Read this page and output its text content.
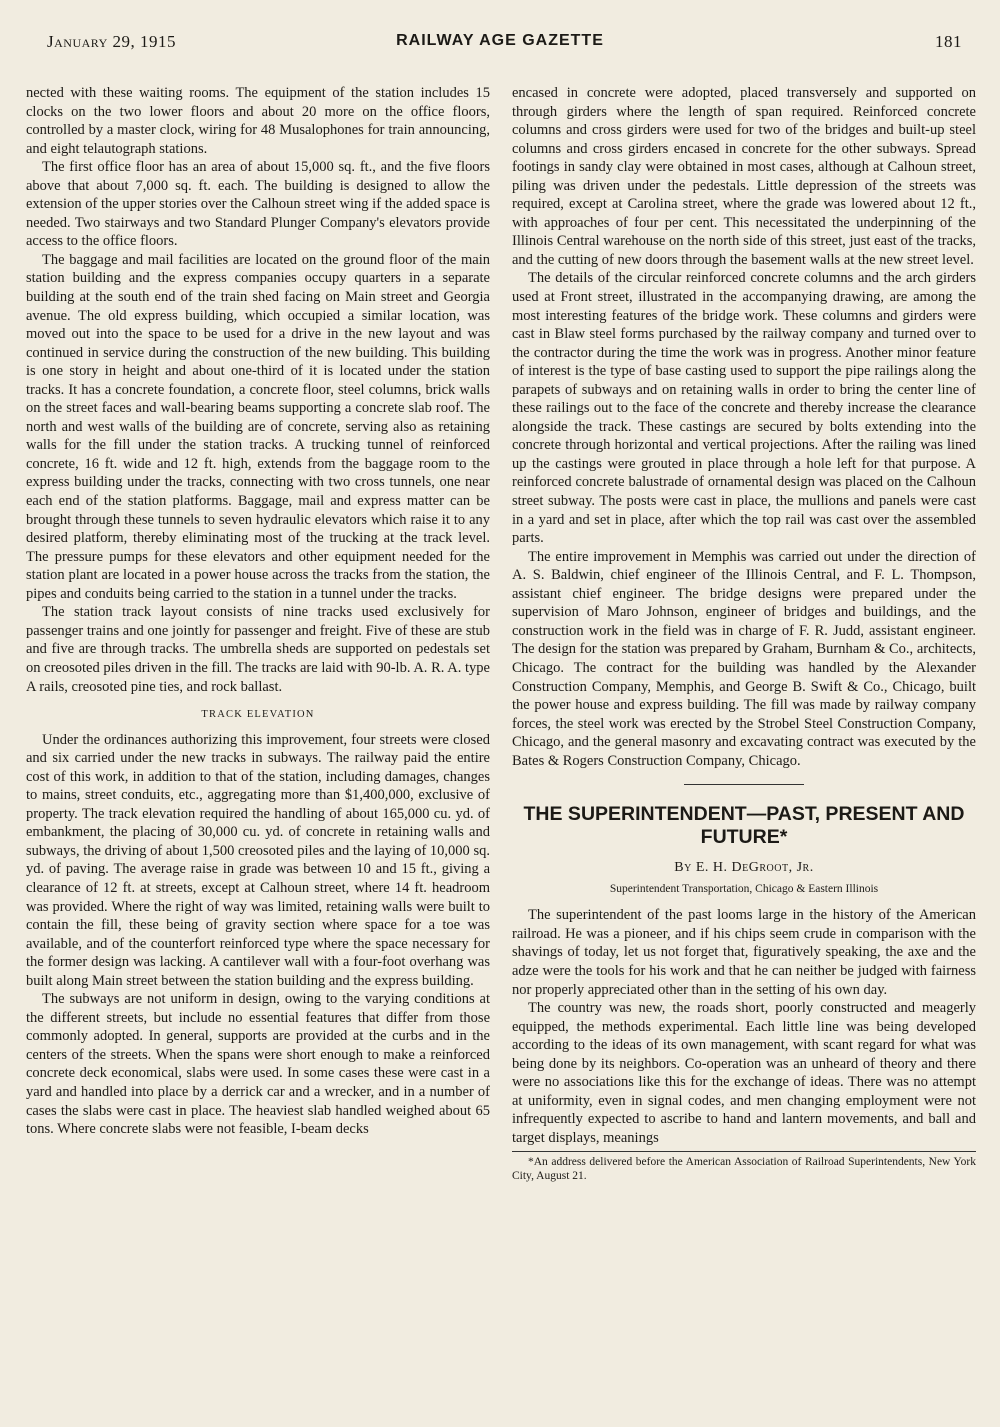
January 29, 1915	RAILWAY AGE GAZETTE	181

nected with these waiting rooms. The equipment of the station includes 15 clocks on the two lower floors and about 20 more on the office floors, controlled by a master clock, wiring for 48 Musalophones for train announcing, and eight telautograph stations.

The first office floor has an area of about 15,000 sq. ft., and the five floors above that about 7,000 sq. ft. each. The building is designed to allow the extension of the upper stories over the Calhoun street wing if the added space is needed. Two stairways and two Standard Plunger Company's elevators provide access to the office floors.

The baggage and mail facilities are located on the ground floor of the main station building and the express companies occupy quarters in a separate building at the south end of the train shed facing on Main street and Georgia avenue. The old express building, which occupied a similar location, was moved out into the space to be used for a drive in the new layout and was continued in service during the construction of the new building. This building is one story in height and about one-third of it is located under the station tracks. It has a concrete foundation, a concrete floor, steel columns, brick walls on the street faces and wall-bearing beams supporting a concrete slab roof. The north and west walls of the building are of concrete, serving also as retaining walls for the fill under the station tracks. A trucking tunnel of reinforced concrete, 16 ft. wide and 12 ft. high, extends from the baggage room to the express building under the tracks, connecting with two cross tunnels, one near each end of the station platforms. Baggage, mail and express matter can be brought through these tunnels to seven hydraulic elevators which raise it to any desired platform, thereby eliminating most of the trucking at the track level. The pressure pumps for these elevators and other equipment needed for the station plant are located in a power house across the tracks from the station, the pipes and conduits being carried to the station in a tunnel under the tracks.

The station track layout consists of nine tracks used exclusively for passenger trains and one jointly for passenger and freight. Five of these are stub and five are through tracks. The umbrella sheds are supported on pedestals set on creosoted piles driven in the fill. The tracks are laid with 90-lb. A. R. A. type A rails, creosoted pine ties, and rock ballast.

TRACK ELEVATION

Under the ordinances authorizing this improvement, four streets were closed and six carried under the new tracks in subways. The railway paid the entire cost of this work, in addition to that of the station, including damages, changes to mains, street conduits, etc., aggregating more than $1,400,000, exclusive of property. The track elevation required the handling of about 165,000 cu. yd. of embankment, the placing of 30,000 cu. yd. of concrete in retaining walls and subways, the driving of about 1,500 creosoted piles and the laying of 10,000 sq. yd. of paving. The average raise in grade was between 10 and 15 ft., giving a clearance of 12 ft. at streets, except at Calhoun street, where 14 ft. headroom was provided. Where the right of way was limited, retaining walls were built to contain the fill, these being of gravity section where space for a toe was available, and of the counterfort reinforced type where the space necessary for the former design was lacking. A cantilever wall with a four-foot overhang was built along Main street between the station building and the express building.

The subways are not uniform in design, owing to the varying conditions at the different streets, but include no essential features that differ from those commonly adopted. In general, supports are provided at the curbs and in the centers of the streets. When the spans were short enough to make a reinforced concrete deck economical, slabs were used. In some cases these were cast in a yard and handled into place by a derrick car and a wrecker, and in a number of cases the slabs were cast in place. The heaviest slab handled weighed about 65 tons. Where concrete slabs were not feasible, I-beam decks

encased in concrete were adopted, placed transversely and supported on through girders where the length of span required. Reinforced concrete columns and cross girders were used for two of the bridges and built-up steel columns and cross girders encased in concrete for the other subways. Spread footings in sandy clay were obtained in most cases, although at Calhoun street, piling was driven under the pedestals. Little depression of the streets was required, except at Carolina street, where the grade was lowered about 12 ft., with approaches of four per cent. This necessitated the underpinning of the Illinois Central warehouse on the north side of this street, just east of the tracks, and the cutting of new doors through the basement walls at the new street level.

The details of the circular reinforced concrete columns and the arch girders used at Front street, illustrated in the accompanying drawing, are among the most interesting features of the bridge work. These columns and girders were cast in Blaw steel forms purchased by the railway company and turned over to the contractor during the time the work was in progress. Another minor feature of interest is the type of base casting used to support the pipe railings along the parapets of subways and on retaining walls in order to bring the center line of these railings out to the face of the concrete and thereby increase the clearance alongside the track. These castings are secured by bolts extending into the concrete through horizontal and vertical projections. After the railing was lined up the castings were grouted in place through a hole left for that purpose. A reinforced concrete balustrade of ornamental design was placed on the Calhoun street subway. The posts were cast in place, the mullions and panels were cast in a yard and set in place, after which the top rail was cast over the assembled parts.

The entire improvement in Memphis was carried out under the direction of A. S. Baldwin, chief engineer of the Illinois Central, and F. L. Thompson, assistant chief engineer. The bridge designs were prepared under the supervision of Maro Johnson, engineer of bridges and buildings, and the construction work in the field was in charge of F. R. Judd, assistant engineer. The design for the station was prepared by Graham, Burnham & Co., architects, Chicago. The contract for the building was handled by the Alexander Construction Company, Memphis, and George B. Swift & Co., Chicago, built the power house and express building. The fill was made by railway company forces, the steel work was erected by the Strobel Steel Construction Company, Chicago, and the general masonry and excavating contract was executed by the Bates & Rogers Construction Company, Chicago.

THE SUPERINTENDENT—PAST, PRESENT AND FUTURE*
By E. H. DeGroot, Jr.
Superintendent Transportation, Chicago & Eastern Illinois

The superintendent of the past looms large in the history of the American railroad. He was a pioneer, and if his chips seem crude in comparison with the shavings of today, let us not forget that, figuratively speaking, the axe and the adze were the tools for his work and that he can neither be judged with fairness nor properly appreciated other than in the setting of his own day.

The country was new, the roads short, poorly constructed and meagerly equipped, the methods experimental. Each little line was being developed according to the ideas of its own management, with scant regard for what was being done by its neighbors. Co-operation was an unheard of theory and there were no associations like this for the exchange of ideas. There was no attempt at uniformity, even in signal codes, and men changing employment were not infrequently expected to ascribe to hand and lantern movements, and ball and target displays, meanings

*An address delivered before the American Association of Railroad Superintendents, New York City, August 21.
